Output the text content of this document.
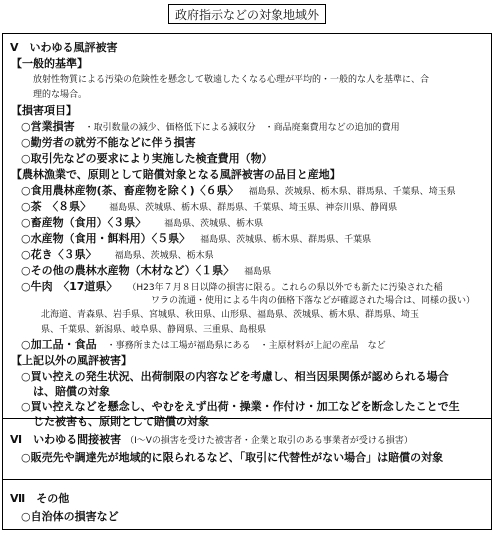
政府指示などの対象地域外
Ⅴ　いわゆる風評被害
【一般的基準】
放射性物質による汚染の危険性を懸念して敬遠したくなる心理が平均的・一般的な人を基準に、合
理的な場合。
【損害項目】
○営業損害 ・取引数量の減少、価格低下による減収分　・商品廃棄費用などの追加的費用
○勤労者の就労不能などに伴う損害
○取引先などの要求により実施した検査費用（物）
【農林漁業で、原則として賠償対象となる風評被害の品目と産地】
○食用農林産物(茶、畜産物を除く)〈６県〉 福島県、茨城県、栃木県、群馬県、千葉県、埼玉県
○茶　〈８県〉 福島県、茨城県、栃木県、群馬県、千葉県、埼玉県、神奈川県、静岡県
○畜産物（食用）〈３県〉 福島県、茨城県、栃木県
○水産物（食用・餌料用）〈５県〉 福島県、茨城県、栃木県、群馬県、千葉県
○花き〈３県〉 福島県、茨城県、栃木県
○その他の農林水産物（木材など）〈１県〉 福島県
○牛肉　〈17道県〉 （H23年７月８日以降の損害に限る。これらの県以外でも新たに汚染された稲
ワラの流通・使用による牛肉の価格下落などが確認された場合は、同様の扱い）
北海道、青森県、岩手県、宮城県、秋田県、山形県、福島県、茨城県、栃木県、群馬県、埼玉
県、千葉県、新潟県、岐阜県、静岡県、三重県、島根県
○加工品・食品 ・事務所または工場が福島県にある　・主原材料が上記の産品　など
【上記以外の風評被害】
○買い控えの発生状況、出荷制限の内容などを考慮し、相当因果関係が認められる場合
は、賠償の対象
○買い控えなどを懸念し、やむをえず出荷・操業・作付け・加工などを断念したことで生
じた被害も、原則として賠償の対象
Ⅵ　いわゆる間接被害 （Ⅰ～Ⅴの損害を受けた被害者・企業と取引のある事業者が受ける損害）
○販売先や調達先が地域的に限られるなど、「取引に代替性がない場合」は賠償の対象
Ⅶ　その他
○自治体の損害など
